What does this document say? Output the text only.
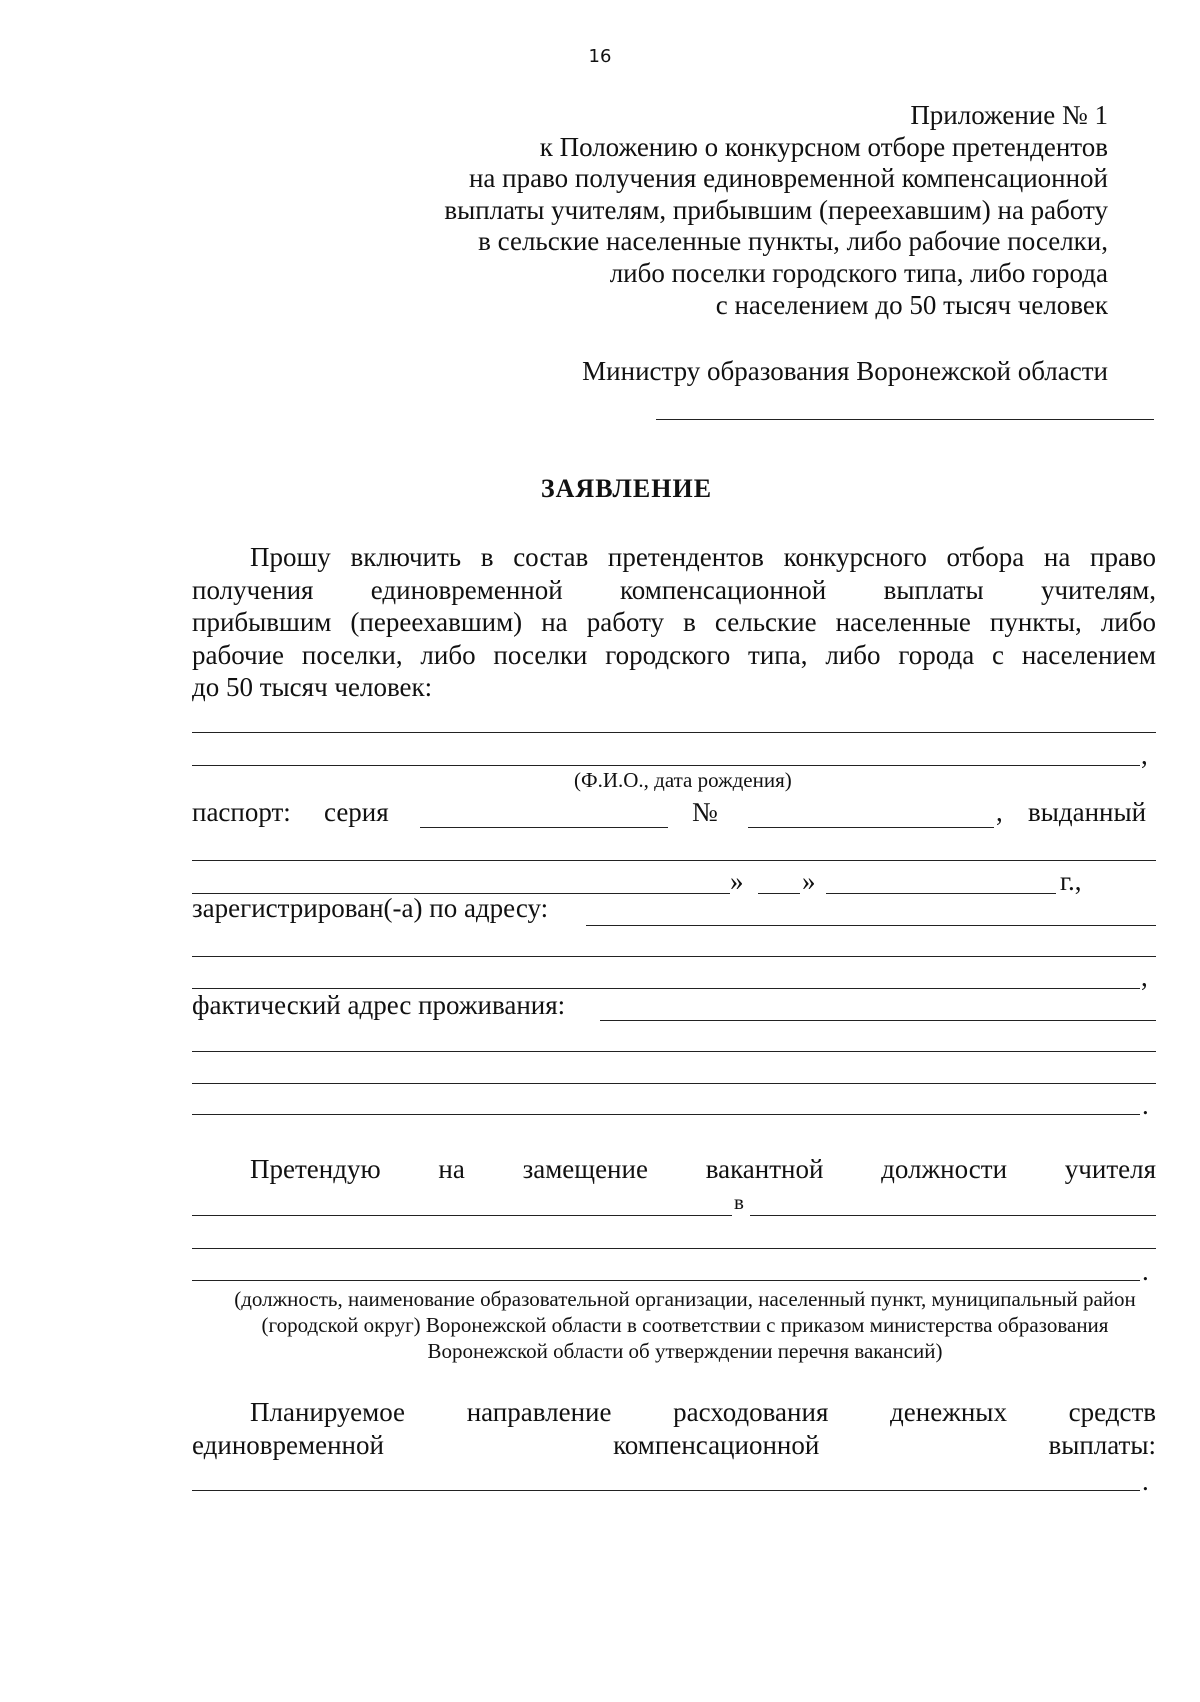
16
Приложение № 1
к Положению о конкурсном отборе претендентов
на право получения единовременной компенсационной
выплаты учителям, прибывшим (переехавшим) на работу
в сельские населенные пункты, либо рабочие поселки,
либо поселки городского типа, либо города
с населением до 50 тысяч человек
Министру образования Воронежской области
ЗАЯВЛЕНИЕ
Прошу включить в состав претендентов конкурсного отбора на право
получения единовременной компенсационной выплаты учителям,
прибывшим (переехавшим) на работу в сельские населенные пункты, либо
рабочие поселки, либо поселки городского типа, либо города с населением
до 50 тысяч человек:
,
(Ф.И.О., дата рождения)
паспорт: серия	№	, выданный
» »	г.,
зарегистрирован(-а) по адресу:
,
фактический адрес проживания:
.
Претендую на замещение вакантной должности учителя
в
.
(должность, наименование образовательной организации, населенный пункт, муниципальный район (городской округ) Воронежской области в соответствии с приказом министерства образования Воронежской области об утверждении перечня вакансий)
Планируемое направление расходования денежных средств
единовременной	компенсационной	выплаты:
.
